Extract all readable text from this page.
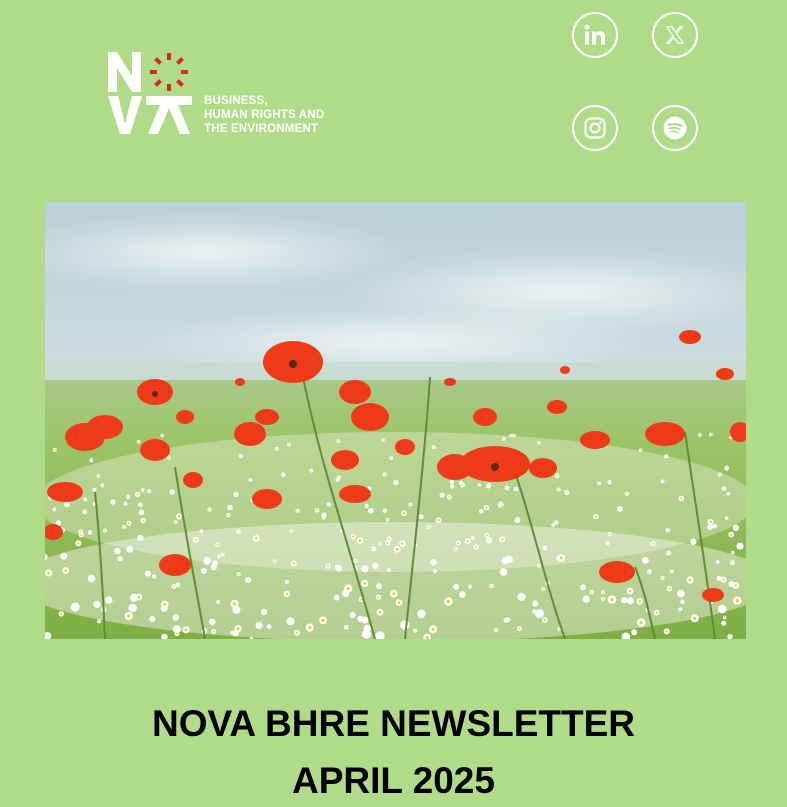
BUSINESS,
HUMAN RIGHTS AND
THE ENVIRONMENT
NOVA BHRE NEWSLETTER
APRIL 2025
